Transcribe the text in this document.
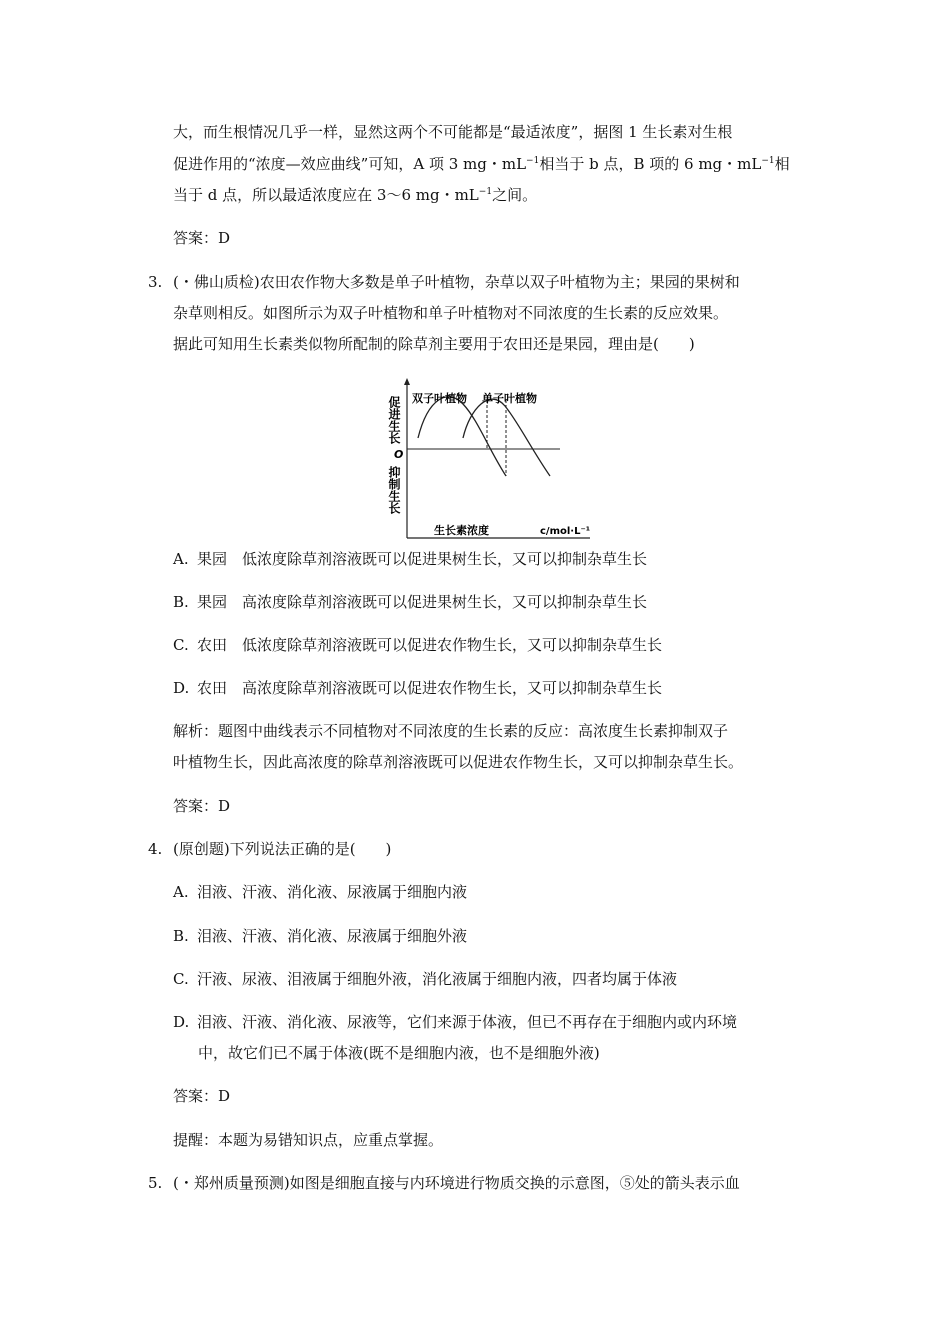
大，而生根情况几乎一样，显然这两个不可能都是“最适浓度”，据图 1 生长素对生根
促进作用的“浓度—效应曲线”可知，A 项 3 mg・$mL^{-1}$相当于 b 点，B 项的 6 mg・$mL^{-1}$相
当于 d 点，所以最适浓度应在 3～6 mg・$mL^{-1}$之间。
答案：D
3. (・佛山质检)农田农作物大多数是单子叶植物，杂草以双子叶植物为主；果园的果树和
杂草则相反。如图所示为双子叶植物和单子叶植物对不同浓度的生长素的反应效果。
据此可知用生长素类似物所配制的除草剂主要用于农田还是果园，理由是(　　)
促进生长
抑制生长
O
双子叶植物 单子叶植物
生长素浓度	c/mol·L⁻¹
A. 果园　低浓度除草剂溶液既可以促进果树生长，又可以抑制杂草生长
B. 果园　高浓度除草剂溶液既可以促进果树生长，又可以抑制杂草生长
C. 农田　低浓度除草剂溶液既可以促进农作物生长，又可以抑制杂草生长
D. 农田　高浓度除草剂溶液既可以促进农作物生长，又可以抑制杂草生长
解析：题图中曲线表示不同植物对不同浓度的生长素的反应：高浓度生长素抑制双子
叶植物生长，因此高浓度的除草剂溶液既可以促进农作物生长，又可以抑制杂草生长。
答案：D
4. (原创题)下列说法正确的是(　　)
A. 泪液、汗液、消化液、尿液属于细胞内液
B. 泪液、汗液、消化液、尿液属于细胞外液
C. 汗液、尿液、泪液属于细胞外液，消化液属于细胞内液，四者均属于体液
D. 泪液、汗液、消化液、尿液等，它们来源于体液，但已不再存在于细胞内或内环境
中，故它们已不属于体液(既不是细胞内液，也不是细胞外液)
答案：D
提醒：本题为易错知识点，应重点掌握。
5. (・郑州质量预测)如图是细胞直接与内环境进行物质交换的示意图，⑤处的箭头表示血
